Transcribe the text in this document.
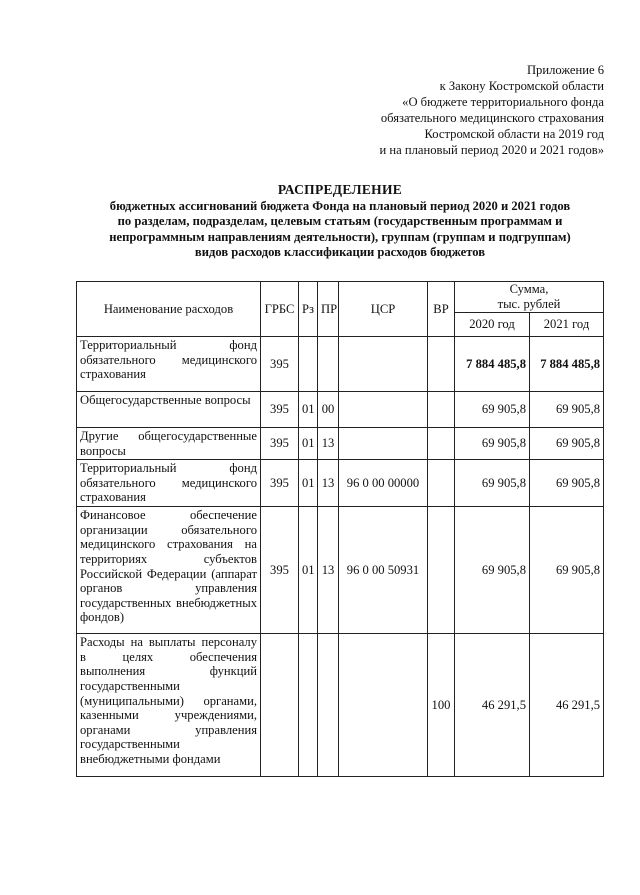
Приложение 6
к Закону Костромской области
«О бюджете территориального фонда
обязательного медицинского страхования
Костромской области на 2019 год
и на плановый период 2020 и 2021 годов»
РАСПРЕДЕЛЕНИЕ
бюджетных ассигнований бюджета Фонда на плановый период 2020 и 2021 годов
по разделам, подразделам, целевым статьям (государственным программам и
непрограммным направлениям деятельности), группам (группам и подгруппам)
видов расходов классификации расходов бюджетов
Наименование расходов	ГРБС	Рз	ПР	ЦСР	ВР	Сумма,
тыс. рублей	

						2020 год	2021 год
Территориальный фонд обязательного медицинского страхования	395					7 884 485,8	7 884 485,8
Общегосударственные вопросы	395	01	00			69 905,8	69 905,8
Другие общегосударственные вопросы	395	01	13			69 905,8	69 905,8
Территориальный фонд обязательного медицинского страхования	395	01	13	96 0 00 00000		69 905,8	69 905,8
Финансовое обеспечение организации обязательного медицинского страхования на территориях субъектов Российской Федерации (аппарат органов управления государственных внебюджетных фондов)	395	01	13	96 0 00 50931		69 905,8	69 905,8
Расходы на выплаты персоналу в целях обеспечения выполнения функций государственными (муниципальными) органами, казенными учреждениями, органами управления государственными внебюджетными фондами					100	46 291,5	46 291,5
